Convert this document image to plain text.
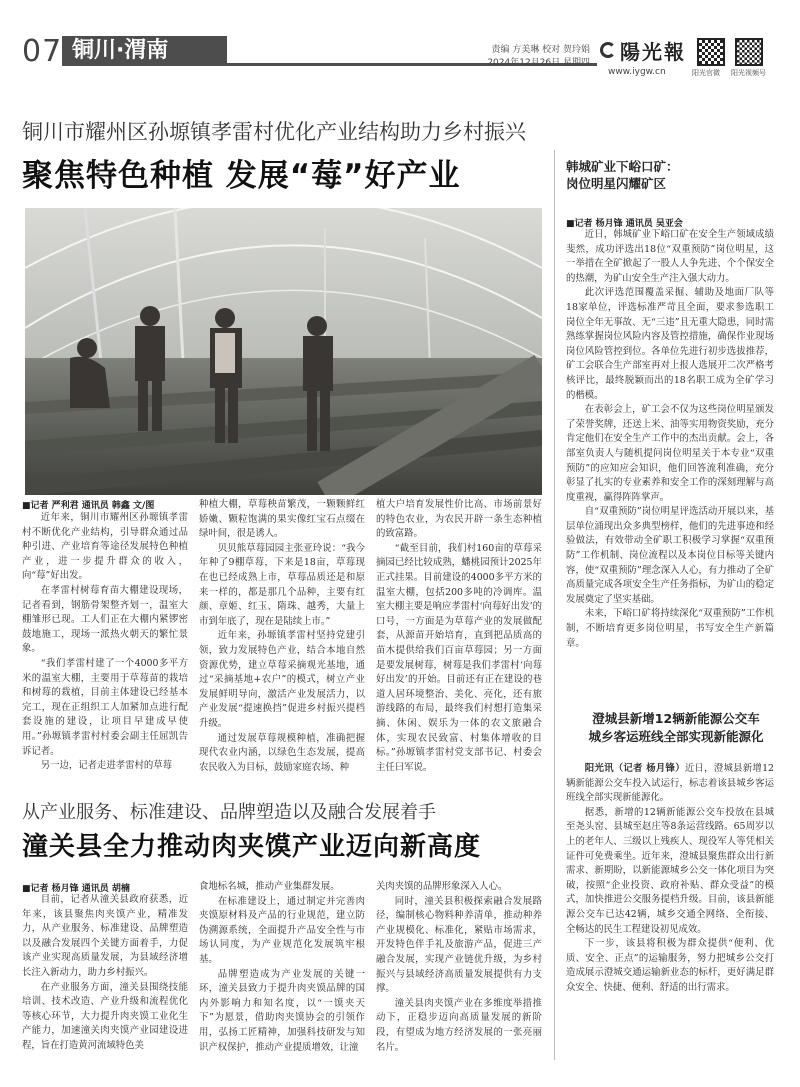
07 铜川·渭南	责编 方美琳 校对 贺玲娟
2024年12月26日 星期四 陽光報
www.iygw.cn	阳光官微 阳光视频号
铜川市耀州区孙塬镇孝雷村优化产业结构助力乡村振兴
聚焦特色种植 发展“莓”好产业
■记者 严利君 通讯员 韩鑫 文/图

近年来，铜川市耀州区孙塬镇孝雷村不断优化产业结构，引导群众通过品种引进、产业培育等途径发展特色种植产业，进一步提升群众的收入，向“莓”好出发。

在孝雷村树莓育苗大棚建设现场，记者看到，钢筋骨架整齐划一，温室大棚雏形已现。工人们正在大棚内紧锣密鼓地施工，现场一派热火朝天的繁忙景象。

“我们孝雷村建了一个4000多平方米的温室大棚，主要用于草莓苗的栽培和树莓的栽植，目前主体建设已经基本完工，现在正组织工人加紧加点进行配套设施的建设，让项目早建成早使用。”孙塬镇孝雷村村委会副主任屈凯告诉记者。

另一边，记者走进孝雷村的草莓

种植大棚，草莓秧苗繁茂，一颗颗鲜红娇嫩、颗粒饱满的果实像红宝石点缀在绿叶间，很是诱人。

贝贝熊草莓园园主张亚玲说：“我今年种了9棚草莓，下来是18亩，草莓现在也已经成熟上市，草莓品质还是和原来一样的，都是那几个品种，主要有红颜、章姬、红玉、隋珠、越秀，大量上市到年底了，现在是陆续上市。”

近年来，孙塬镇孝雷村坚持党建引领，致力发展特色产业，结合本地自然资源优势，建立草莓采摘观光基地，通过“采摘基地+农户”的模式，树立产业发展鲜明导向，激活产业发展活力，以产业发展“提速换挡”促进乡村振兴提档升级。

通过发展草莓规模种植，准确把握现代农业内涵，以绿色生态发展，提高农民收入为目标，鼓励家庭农场、种

植大户培育发展性价比高、市场前景好的特色农业，为农民开辟一条生态种植的致富路。

“截至目前，我们村160亩的草莓采摘园已经比较成熟，蟠桃园预计2025年正式挂果。目前建设的4000多平方米的温室大棚，包括200多吨的冷调库。温室大棚主要是响应孝雷村‘向莓好出发’的口号，一方面是为草莓产业的发展做配套，从源苗开始培育，直到把品质高的苗木提供给我们百亩草莓园；另一方面是要发展树莓，树莓是我们孝雷村‘向莓好出发’的开始。目前还有正在建设的巷道人居环境整治、美化、亮化，还有旅游线路的布局，最终我们村想打造集采摘、休闲、娱乐为一体的农文旅融合体，实现农民致富、村集体增收的目标。”孙塬镇孝雷村党支部书记、村委会主任曰军说。

韩城矿业下峪口矿：
岗位明星闪耀矿区
■记者 杨月锋 通讯员 吴亚会

近日，韩城矿业下峪口矿在安全生产领域成绩斐然，成功评选出18位“双重预防”岗位明星，这一举措在全矿掀起了一股人人争先进、个个保安全的热潮，为矿山安全生产注入强大动力。

此次评选范围覆盖采掘、辅助及地面厂队等18家单位，评选标准严苛且全面，要求参选职工岗位全年无事故、无“三违”且无重大隐患，同时需熟练掌握岗位风险内容及管控措施，确保作业现场岗位风险管控到位。各单位先进行初步选拔推荐，矿工会联合生产部室再对上报人选展开二次严格考核评比，最终脱颖而出的18名职工成为全矿学习的楷模。

在表彰会上，矿工会不仅为这些岗位明星颁发了荣誉奖牌，还送上米、油等实用物资奖励，充分肯定他们在安全生产工作中的杰出贡献。会上，各部室负责人与随机提问岗位明星关于本专业“双重预防”的应知应会知识，他们回答流利准确，充分彰显了扎实的专业素养和安全工作的深刻理解与高度重视，赢得阵阵掌声。

自“双重预防”岗位明星评选活动开展以来，基层单位涌现出众多典型榜样，他们的先进事迹和经验做法，有效带动全矿职工积极学习掌握“双重预防”工作机制、岗位流程以及本岗位目标等关键内容，使“双重预防”理念深入人心，有力推动了全矿高质量完成各项安全生产任务指标，为矿山的稳定发展奠定了坚实基础。

未来，下峪口矿将持续深化“双重预防”工作机制，不断培育更多岗位明星，书写安全生产新篇章。

澄城县新增12辆新能源公交车
城乡客运班线全部实现新能源化

阳光讯（记者 杨月锋）近日，澄城县新增12辆新能源公交车投入试运行，标志着该县城乡客运班线全部实现新能源化。

据悉，新增的12辆新能源公交车投放在县城至尧头窑、县城至赵庄等8条运营线路。65周岁以上的老年人、三级以上残疾人、现役军人等凭相关证件可免费乘坐。近年来，澄城县聚焦群众出行新需求、新期盼，以新能源城乡公交一体化项目为突破，按照“企业投资、政府补贴、群众受益”的模式，加快推进公交服务提档升级。目前，该县新能源公交车已达42辆，城乡交通全网络、全衔接、全畅达的民生工程建设初见成效。

下一步，该县将积极为群众提供“便利、优质、安全、正点”的运输服务，努力把城乡公交打造成展示澄城交通运输新业态的标杆，更好满足群众安全、快捷、便利、舒适的出行需求。

从产业服务、标准建设、品牌塑造以及融合发展着手
潼关县全力推动肉夹馍产业迈向新高度
■记者 杨月锋 通讯员 胡楠

目前，记者从潼关县政府获悉，近年来，该县聚焦肉夹馍产业，精准发力，从产业服务、标准建设、品牌塑造以及融合发展四个关键方面着手，力促该产业实现高质量发展，为县域经济增长注入新动力，助力乡村振兴。

在产业服务方面，潼关县围绕技能培训、技术改造、产业升级和流程优化等核心环节，大力提升肉夹馍工业化生产能力，加速潼关肉夹馍产业园建设进程，旨在打造黄河流域特色美

食地标名城，推动产业集群发展。

在标准建设上，通过制定并完善肉夹馍原材料及产品的行业规范，建立防伪溯源系统，全面提升产品安全性与市场认同度，为产业规范化发展筑牢根基。

品牌塑造成为产业发展的关键一环，潼关县致力于提升肉夹馍品牌的国内外影响力和知名度，以“一馍夹天下”为愿景，借助肉夹馍协会的引领作用，弘扬工匠精神，加强科技研发与知识产权保护，推动产业提质增效，让潼

关肉夹馍的品牌形象深入人心。

同时，潼关县积极探索融合发展路径，编制核心物料种养清单，推动种养产业规模化、标准化，紧贴市场需求，开发特色伴手礼及旅游产品，促进三产融合发展，实现产业链优升级，为乡村振兴与县域经济高质量发展提供有力支撑。

潼关县肉夹馍产业在多维度举措推动下，正稳步迈向高质量发展的新阶段，有望成为地方经济发展的一张亮丽名片。
